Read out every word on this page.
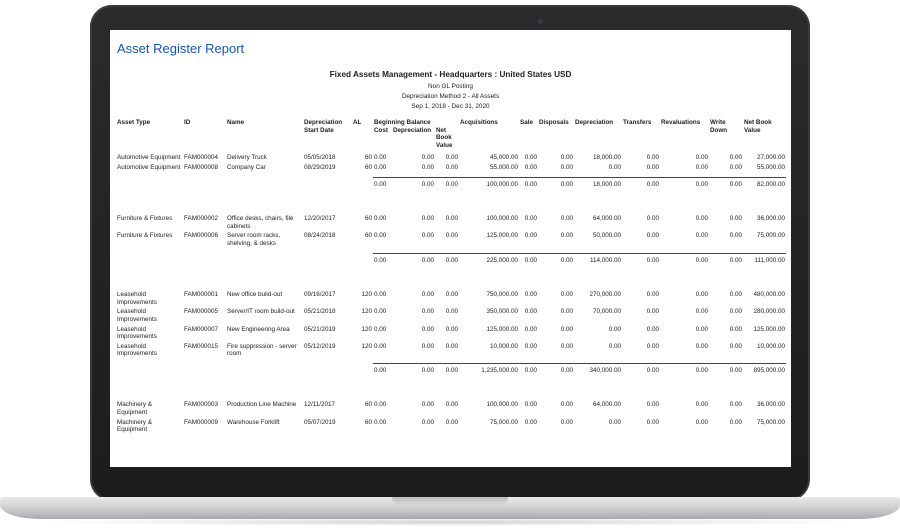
Asset Register Report
Fixed Assets Management - Headquarters : United States USD
Non GL Posting
Depreciation Method 2 - All Assets
Sep 1, 2018 - Dec 31, 2020
Asset Type	ID	Name	Depreciation Start Date	AL	Beginning Balance			Acquisitions	Sale	Disposals	Depreciation	Transfers	Revaluations	Write Down	Net Book Value
					Cost	Depreciation	Net Book Value								

Automotive Equipment	FAM000004	Delivery Truck	05/05/2018	60	0.00	0.00	0.00	45,000.00	0.00	0.00	18,000.00	0.00	0.00	0.00	27,000.00
Automotive Equipment	FAM000008	Company Car	08/29/2019	60	0.00	0.00	0.00	55,000.00	0.00	0.00	0.00	0.00	0.00	0.00	55,000.00

					0.00	0.00	0.00	100,000.00	0.00	0.00	18,000.00	0.00	0.00	0.00	82,000.00

Furniture & Fixtures	FAM000002	Office desks, chairs, file cabinets	12/20/2017	60	0.00	0.00	0.00	100,000.00	0.00	0.00	64,000.00	0.00	0.00	0.00	36,000.00
Furniture & Fixtures	FAM000006	Server room racks, shelving, & desks	08/24/2018	60	0.00	0.00	0.00	125,000.00	0.00	0.00	50,000.00	0.00	0.00	0.00	75,000.00

					0.00	0.00	0.00	225,000.00	0.00	0.00	114,000.00	0.00	0.00	0.00	111,000.00

Leasehold Improvements	FAM000001	New office build-out	09/16/2017	120	0.00	0.00	0.00	750,000.00	0.00	0.00	270,000.00	0.00	0.00	0.00	480,000.00
Leasehold Improvements	FAM000005	Server/IT room build-out	05/21/2018	120	0.00	0.00	0.00	350,000.00	0.00	0.00	70,000.00	0.00	0.00	0.00	280,000.00
Leasehold Improvements	FAM000007	New Engineering Area	05/21/2019	120	0.00	0.00	0.00	125,000.00	0.00	0.00	0.00	0.00	0.00	0.00	125,000.00
Leasehold Improvements	FAM000015	Fire suppression - server room	05/12/2019	120	0.00	0.00	0.00	10,000.00	0.00	0.00	0.00	0.00	0.00	0.00	10,000.00

					0.00	0.00	0.00	1,235,000.00	0.00	0.00	340,000.00	0.00	0.00	0.00	895,000.00

Machinery & Equipment	FAM000003	Production Line Machine	12/11/2017	60	0.00	0.00	0.00	100,000.00	0.00	0.00	64,000.00	0.00	0.00	0.00	36,000.00
Machinery & Equipment	FAM000009	Warehouse Forklift	05/07/2019	60	0.00	0.00	0.00	75,000.00	0.00	0.00	0.00	0.00	0.00	0.00	75,000.00
